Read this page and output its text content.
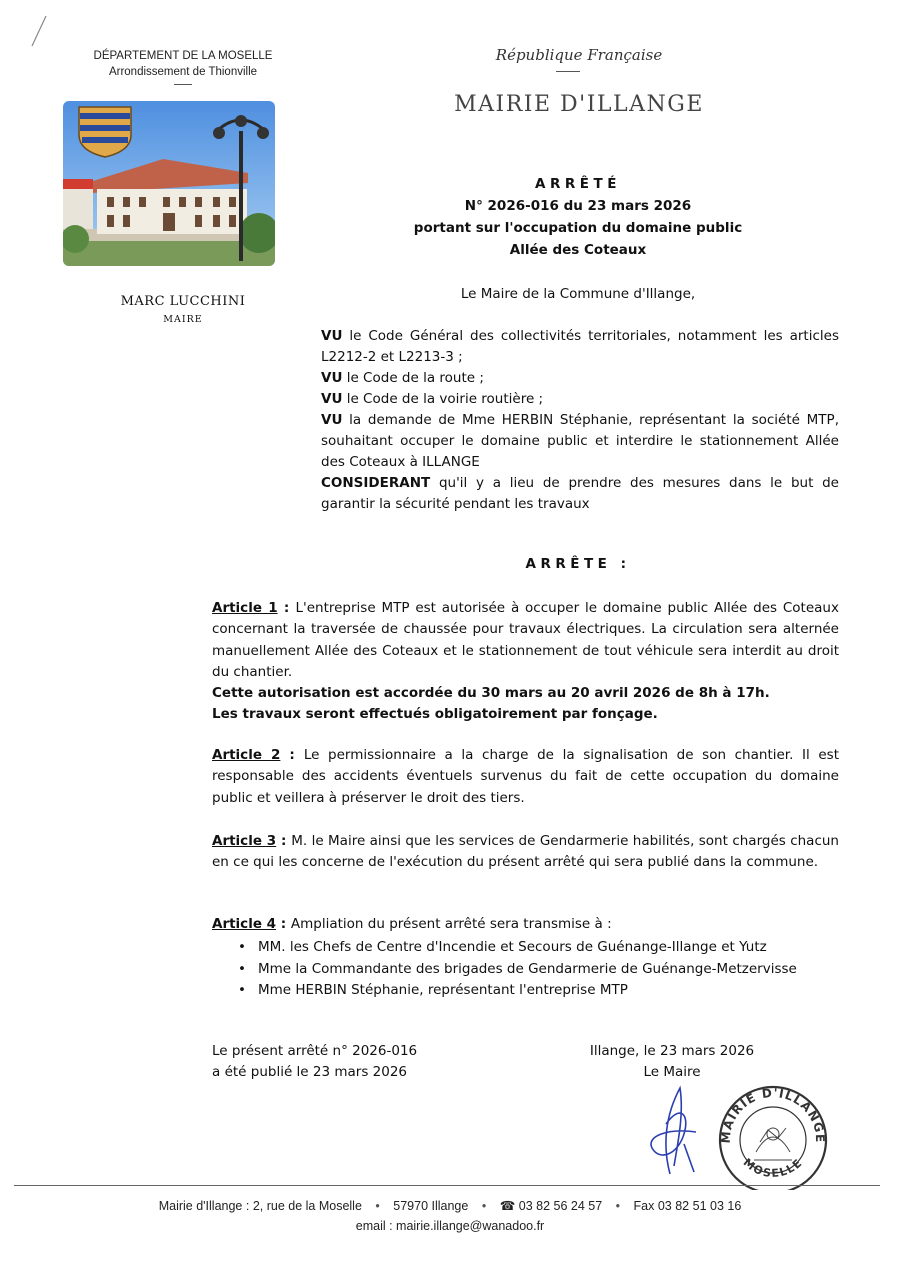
DÉPARTEMENT DE LA MOSELLE
Arrondissement de Thionville
MARC LUCCHINI
MAIRE
République Française
MAIRIE D'ILLANGE
ARRÊTÉ
N° 2026-016 du 23 mars 2026
portant sur l'occupation du domaine public
Allée des Coteaux
Le Maire de la Commune d'Illange,

VU le Code Général des collectivités territoriales, notamment les articles L2212-2 et L2213-3 ;

VU le Code de la route ;

VU le Code de la voirie routière ;

VU la demande de Mme HERBIN Stéphanie, représentant la société MTP, souhaitant occuper le domaine public et interdire le stationnement Allée des Coteaux à ILLANGE

CONSIDERANT qu'il y a lieu de prendre des mesures dans le but de garantir la sécurité pendant les travaux

ARRÊTE :

Article 1 : L'entreprise MTP est autorisée à occuper le domaine public Allée des Coteaux concernant la traversée de chaussée pour travaux électriques. La circulation sera alternée manuellement Allée des Coteaux et le stationnement de tout véhicule sera interdit au droit du chantier.

Cette autorisation est accordée du 30 mars au 20 avril 2026 de 8h à 17h.

Les travaux seront effectués obligatoirement par fonçage.

Article 2 : Le permissionnaire a la charge de la signalisation de son chantier. Il est responsable des accidents éventuels survenus du fait de cette occupation du domaine public et veillera à préserver le droit des tiers.

Article 3 : M. le Maire ainsi que les services de Gendarmerie habilités, sont chargés chacun en ce qui les concerne de l'exécution du présent arrêté qui sera publié dans la commune.

Article 4 : Ampliation du présent arrêté sera transmise à :

• MM. les Chefs de Centre d'Incendie et Secours de Guénange-Illange et Yutz
• Mme la Commandante des brigades de Gendarmerie de Guénange-Metzervisse
• Mme HERBIN Stéphanie, représentant l'entreprise MTP
Le présent arrêté n° 2026-016
a été publié le 23 mars 2026
Illange, le 23 mars 2026
Le Maire
MAIRIE D'ILLANGE
MOSELLE
Mairie d'Illange : 2, rue de la Moselle • 57970 Illange • ☎ 03 82 56 24 57 • Fax 03 82 51 03 16
email : mairie.illange@wanadoo.fr
